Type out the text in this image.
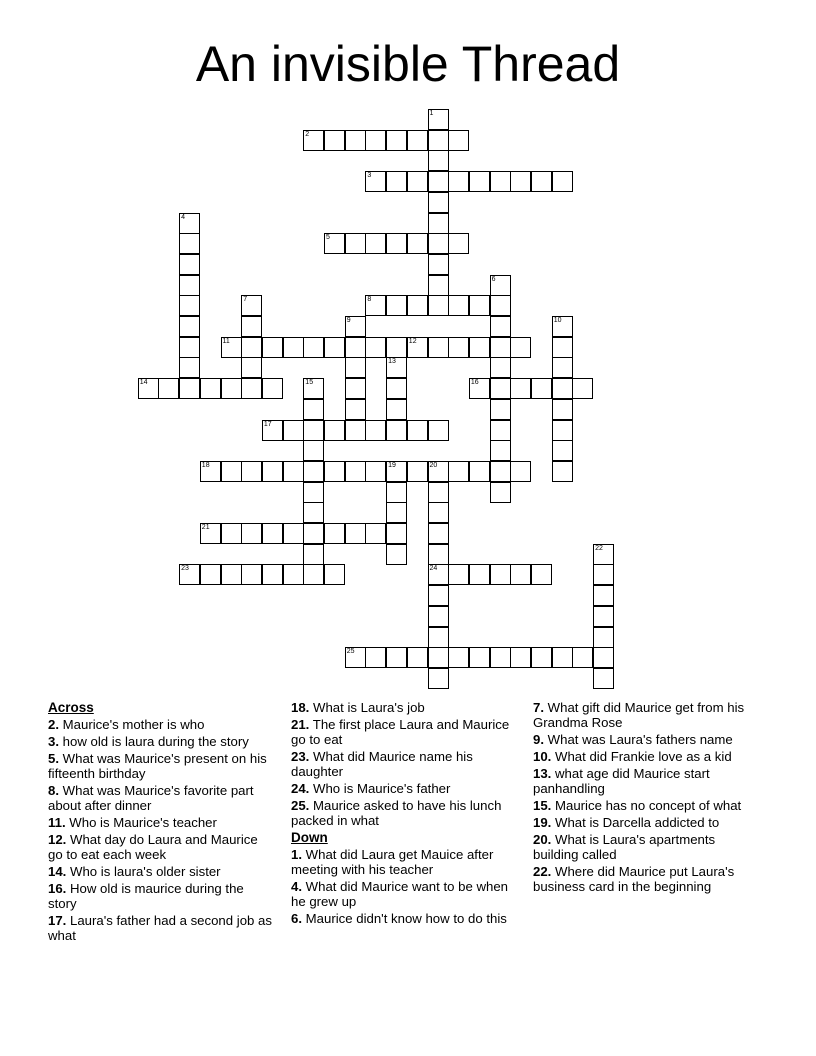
An invisible Thread
1
2
3
4
5
6
7	8
9	10
11	12
13
14	15	16
17
18	19	20
24
21
22
23
25
Across
2. Maurice's mother is who
3. how old is laura during the story
5. What was Maurice's present on his fifteenth birthday
8. What was Maurice's favorite part about after dinner
11. Who is Maurice's teacher
12. What day do Laura and Maurice go to eat each week
14. Who is laura's older sister
16. How old is maurice during the story
17. Laura's father had a second job as what
18. What is Laura's job
21. The first place Laura and Maurice go to eat
23. What did Maurice name his daughter
24. Who is Maurice's father
25. Maurice asked to have his lunch packed in what
Down
1. What did Laura get Mauice after meeting with his teacher
4. What did Maurice want to be when he grew up
6. Maurice didn't know how to do this
7. What gift did Maurice get from his Grandma Rose
9. What was Laura's fathers name
10. What did Frankie love as a kid
13. what age did Maurice start panhandling
15. Maurice has no concept of what
19. What is Darcella addicted to
20. What is Laura's apartments building called
22. Where did Maurice put Laura's business card in the beginning
